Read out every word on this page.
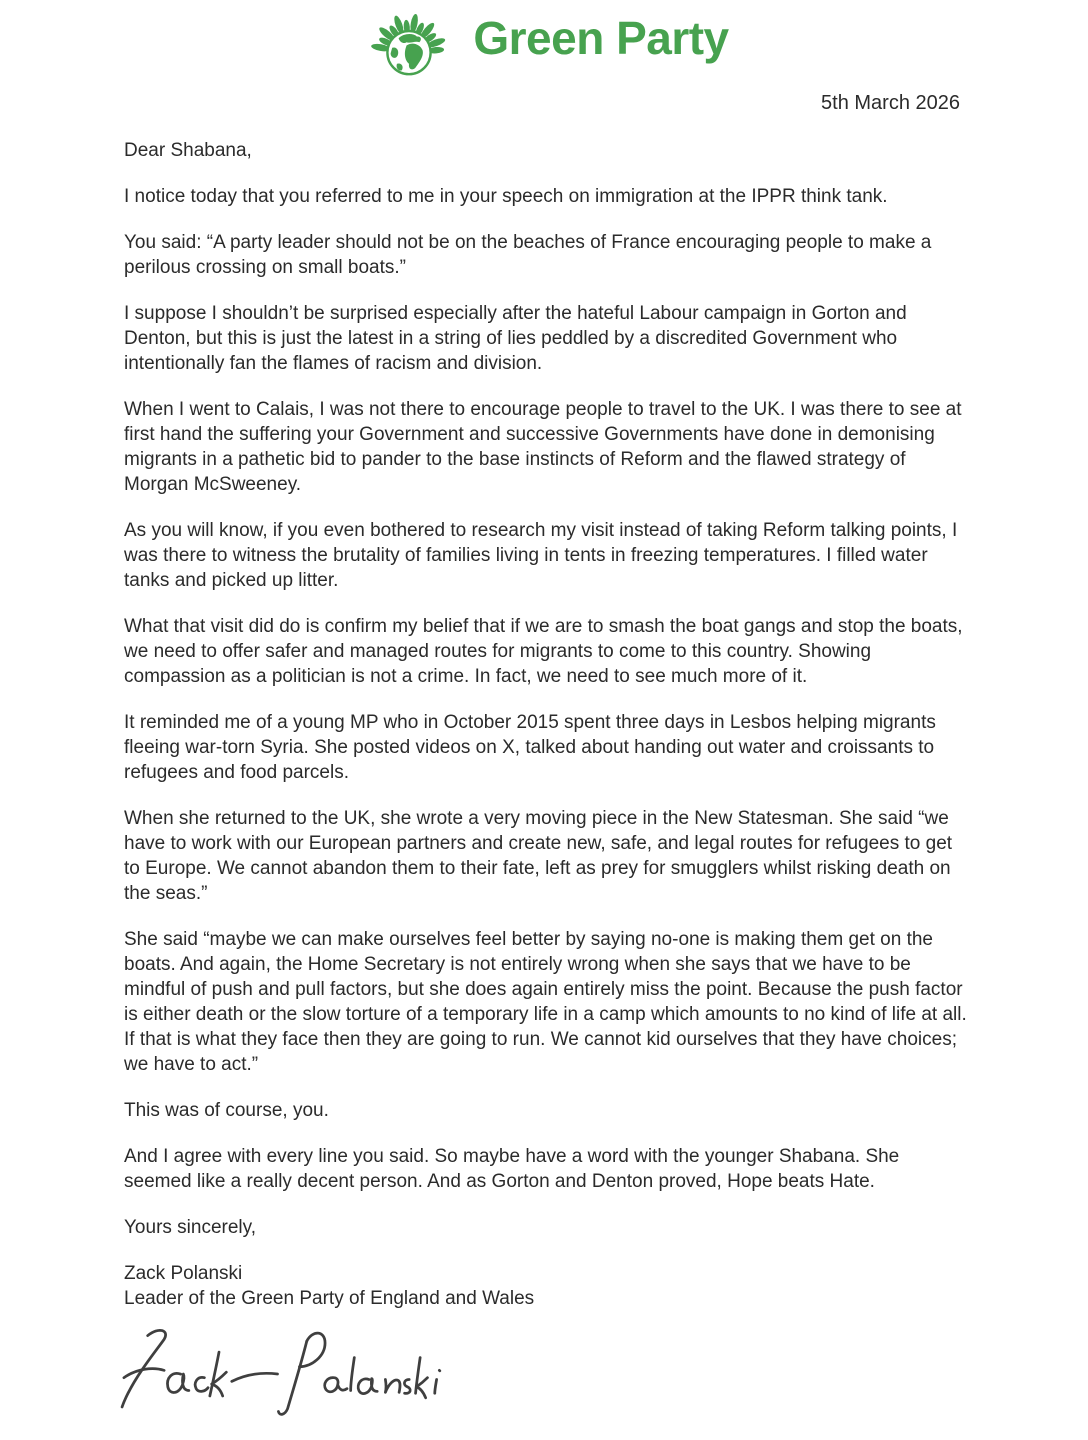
Green Party
5th March 2026

Dear Shabana,

I notice today that you referred to me in your speech on immigration at the IPPR think tank.

You said: “A party leader should not be on the beaches of France encouraging people to make a perilous crossing on small boats.”

I suppose I shouldn’t be surprised especially after the hateful Labour campaign in Gorton and Denton, but this is just the latest in a string of lies peddled by a discredited Government who intentionally fan the flames of racism and division.

When I went to Calais, I was not there to encourage people to travel to the UK. I was there to see at first hand the suffering your Government and successive Governments have done in demonising migrants in a pathetic bid to pander to the base instincts of Reform and the flawed strategy of Morgan McSweeney.

As you will know, if you even bothered to research my visit instead of taking Reform talking points, I was there to witness the brutality of families living in tents in freezing temperatures. I filled water tanks and picked up litter.

What that visit did do is confirm my belief that if we are to smash the boat gangs and stop the boats, we need to offer safer and managed routes for migrants to come to this country. Showing compassion as a politician is not a crime. In fact, we need to see much more of it.

It reminded me of a young MP who in October 2015 spent three days in Lesbos helping migrants fleeing war-torn Syria. She posted videos on X, talked about handing out water and croissants to refugees and food parcels.

When she returned to the UK, she wrote a very moving piece in the New Statesman. She said “we have to work with our European partners and create new, safe, and legal routes for refugees to get to Europe. We cannot abandon them to their fate, left as prey for smugglers whilst risking death on the seas.”

She said “maybe we can make ourselves feel better by saying no-one is making them get on the boats. And again, the Home Secretary is not entirely wrong when she says that we have to be mindful of push and pull factors, but she does again entirely miss the point. Because the push factor is either death or the slow torture of a temporary life in a camp which amounts to no kind of life at all. If that is what they face then they are going to run. We cannot kid ourselves that they have choices; we have to act.”

This was of course, you.

And I agree with every line you said. So maybe have a word with the younger Shabana. She seemed like a really decent person. And as Gorton and Denton proved, Hope beats Hate.

Yours sincerely,

Zack Polanski
Leader of the Green Party of England and Wales
